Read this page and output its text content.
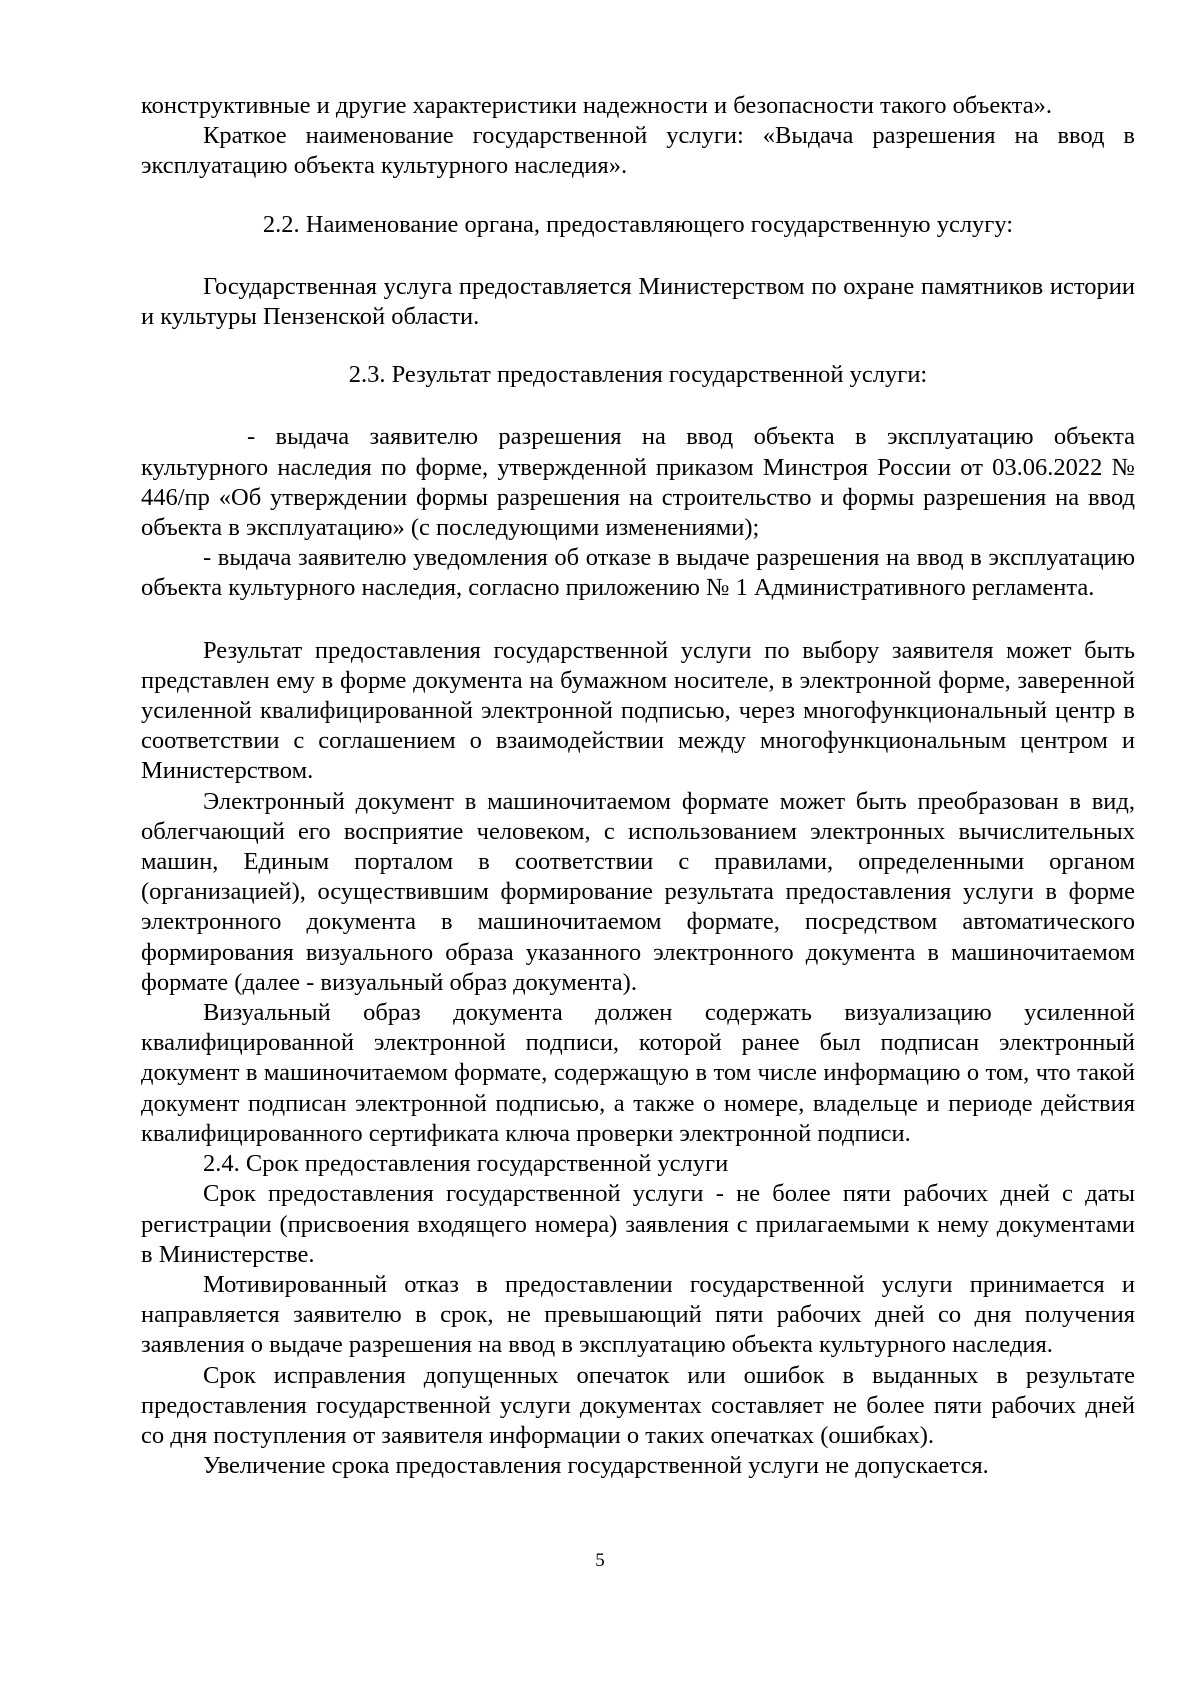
конструктивные и другие характеристики надежности и безопасности такого объекта».

Краткое наименование государственной услуги: «Выдача разрешения на ввод в эксплуатацию объекта культурного наследия».

2.2. Наименование органа, предоставляющего государственную услугу:

Государственная услуга предоставляется Министерством по охране памятников истории и культуры Пензенской области.

2.3. Результат предоставления государственной услуги:

- выдача заявителю разрешения на ввод объекта в эксплуатацию объекта культурного наследия по форме, утвержденной приказом Минстроя России от 03.06.2022 № 446/пр «Об утверждении формы разрешения на строительство и формы разрешения на ввод объекта в эксплуатацию» (с последующими изменениями);

- выдача заявителю уведомления об отказе в выдаче разрешения на ввод в эксплуатацию объекта культурного наследия, согласно приложению № 1 Административного регламента.

Результат предоставления государственной услуги по выбору заявителя может быть представлен ему в форме документа на бумажном носителе, в электронной форме, заверенной усиленной квалифицированной электронной подписью, через многофункциональный центр в соответствии с соглашением о взаимодействии между многофункциональным центром и Министерством.

Электронный документ в машиночитаемом формате может быть преобразован в вид, облегчающий его восприятие человеком, с использованием электронных вычислительных машин, Единым порталом в соответствии с правилами, определенными органом (организацией), осуществившим формирование результата предоставления услуги в форме электронного документа в машиночитаемом формате, посредством автоматического формирования визуального образа указанного электронного документа в машиночитаемом формате (далее - визуальный образ документа).

Визуальный образ документа должен содержать визуализацию усиленной квалифицированной электронной подписи, которой ранее был подписан электронный документ в машиночитаемом формате, содержащую в том числе информацию о том, что такой документ подписан электронной подписью, а также о номере, владельце и периоде действия квалифицированного сертификата ключа проверки электронной подписи.

2.4. Срок предоставления государственной услуги

Срок предоставления государственной услуги - не более пяти рабочих дней с даты регистрации (присвоения входящего номера) заявления с прилагаемыми к нему документами в Министерстве.

Мотивированный отказ в предоставлении государственной услуги принимается и направляется заявителю в срок, не превышающий пяти рабочих дней со дня получения заявления о выдаче разрешения на ввод в эксплуатацию объекта культурного наследия.

Срок исправления допущенных опечаток или ошибок в выданных в результате предоставления государственной услуги документах составляет не более пяти рабочих дней со дня поступления от заявителя информации о таких опечатках (ошибках).

Увеличение срока предоставления государственной услуги не допускается.

5
